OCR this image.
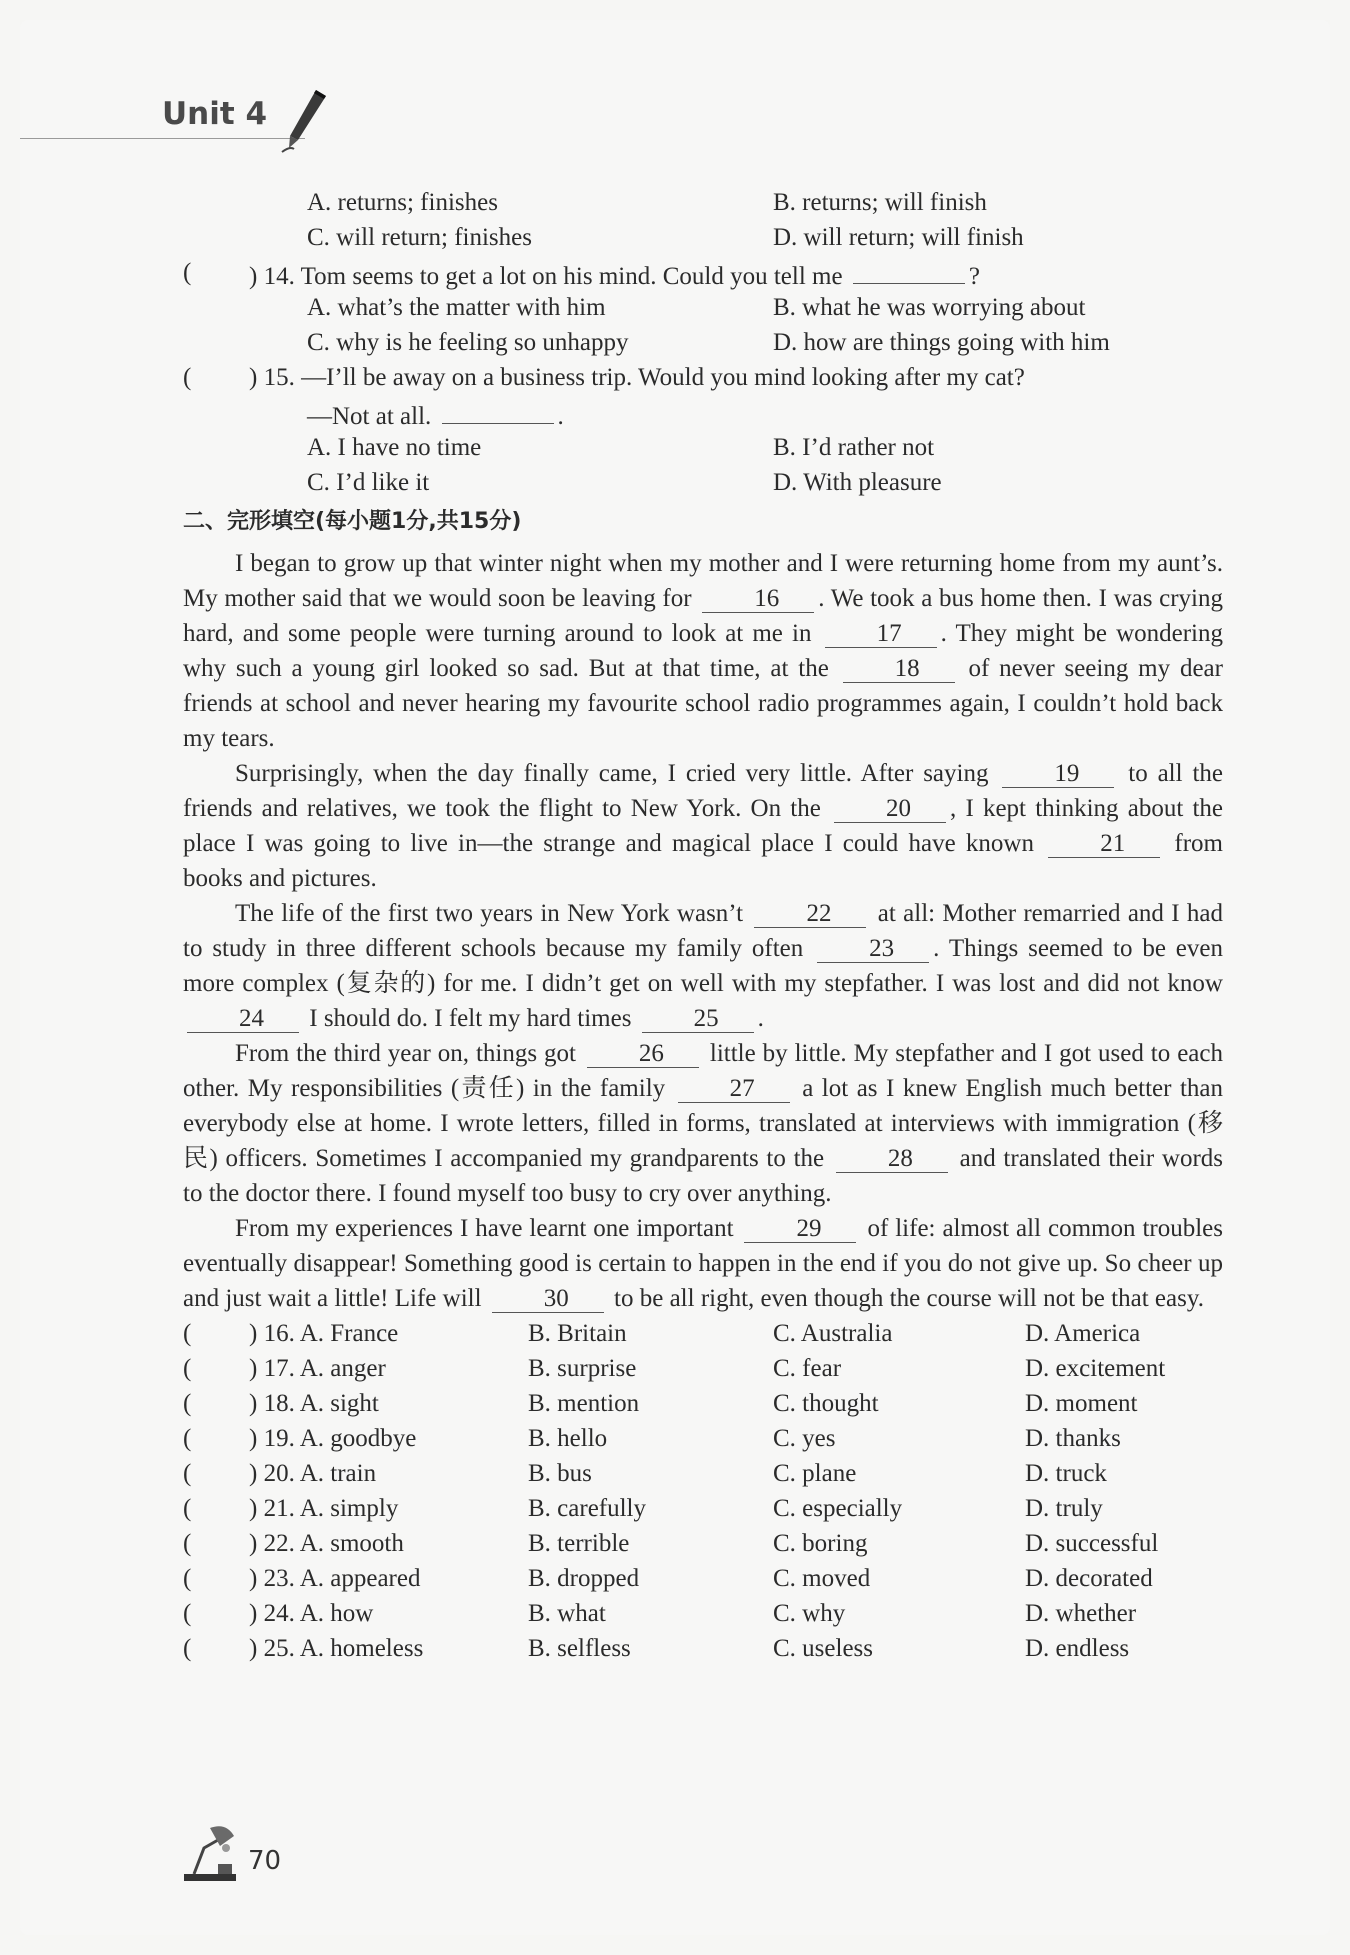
Unit 4
A. returns; finishes	B. returns; will finish
C. will return; finishes	D. will return; will finish
( ) 14. Tom seems to get a lot on his mind. Could you tell me	?
A. what’s the matter with him	B. what he was worrying about
C. why is he feeling so unhappy	D. how are things going with him
( ) 15. —I’ll be away on a business trip. Would you mind looking after my cat?
—Not at all.	.
A. I have no time	B. I’d rather not
C. I’d like it	D. With pleasure
二、完形填空(每小题1分,共15分)

I began to grow up that winter night when my mother and I were returning home from my aunt’s. My mother said that we would soon be leaving for 16 . We took a bus home then. I was crying hard, and some people were turning around to look at me in 17 . They might be wondering why such a young girl looked so sad. But at that time, at the 18 of never seeing my dear friends at school and never hearing my favourite school radio programmes again, I couldn’t hold back my tears.

Surprisingly, when the day finally came, I cried very little. After saying 19 to all the friends and relatives, we took the flight to New York. On the 20 , I kept thinking about the place I was going to live in—the strange and magical place I could have known 21 from books and pictures.

The life of the first two years in New York wasn’t 22 at all: Mother remarried and I had to study in three different schools because my family often 23 . Things seemed to be even more complex (复杂的) for me. I didn’t get on well with my stepfather. I was lost and did not know 24 I should do. I felt my hard times 25 .

From the third year on, things got 26 little by little. My stepfather and I got used to each other. My responsibilities (责任) in the family 27 a lot as I knew English much better than everybody else at home. I wrote letters, filled in forms, translated at interviews with immigration (移民) officers. Sometimes I accompanied my grandparents to the 28 and translated their words to the doctor there. I found myself too busy to cry over anything.

From my experiences I have learnt one important 29 of life: almost all common troubles eventually disappear! Something good is certain to happen in the end if you do not give up. So cheer up and just wait a little! Life will 30 to be all right, even though the course will not be that easy.

( ) 16. A. France	B. Britain	C. Australia	D. America
( ) 17. A. anger	B. surprise	C. fear	D. excitement
( ) 18. A. sight	B. mention	C. thought	D. moment
( ) 19. A. goodbye	B. hello	C. yes	D. thanks
( ) 20. A. train	B. bus	C. plane	D. truck
( ) 21. A. simply	B. carefully	C. especially	D. truly
( ) 22. A. smooth	B. terrible	C. boring	D. successful
( ) 23. A. appeared	B. dropped	C. moved	D. decorated
( ) 24. A. how	B. what	C. why	D. whether
( ) 25. A. homeless	B. selfless	C. useless	D. endless
70
